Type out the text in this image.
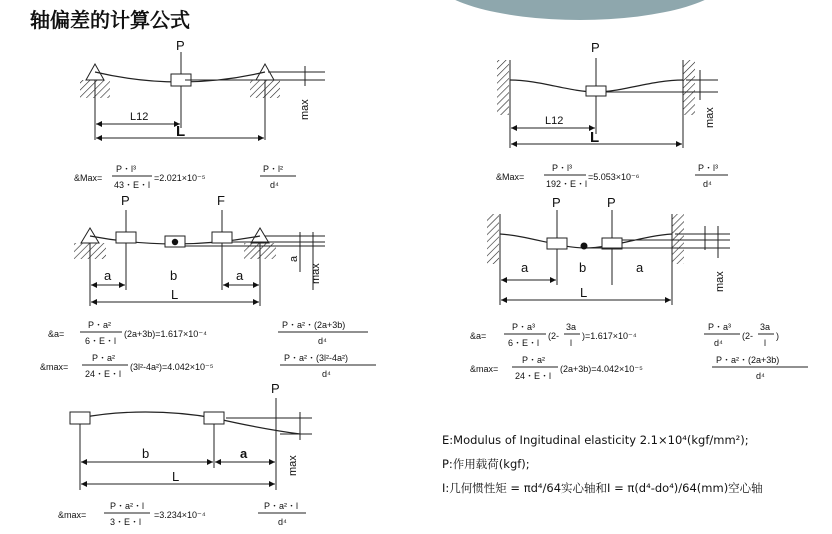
轴偏差的计算公式
P
L12
L
max
&Max=
P・l³
43・E・l
=2.021×10⁻⁵
P・l²
d⁴
P
L12
L
max
&Max=
P・l³
192・E・l
=5.053×10⁻⁶
P・l³
d⁴
P	F
a	b	a
L
a
max
&a=
P・a²
6・E・l
(2a+3b)=1.617×10⁻⁴
P・a²・(2a+3b)
d⁴
&max=
P・a²
24・E・l
(3l²-4a²)=4.042×10⁻⁵
P・a²・(3l²-4a²)
d⁴
P	P
a	b	a
L
max
&a=
P・a³
6・E・l
(2-
3a
l
)=1.617×10⁻⁴
P・a³
d⁴
(2-
3a
l
)
&max=
P・a²
24・E・l
(2a+3b)=4.042×10⁻⁵
P・a²・(2a+3b)
d⁴
P
b	a
L
max
&max=
P・a²・l
3・E・l
=3.234×10⁻⁴
P・a²・l
d⁴
E:Modulus of Ingitudinal elasticity 2.1×10⁴(kgf/mm²);
P:作用载荷(kgf);
I:几何惯性矩 = πd⁴/64实心轴和I = π(d⁴-do⁴)/64(mm)空心轴
